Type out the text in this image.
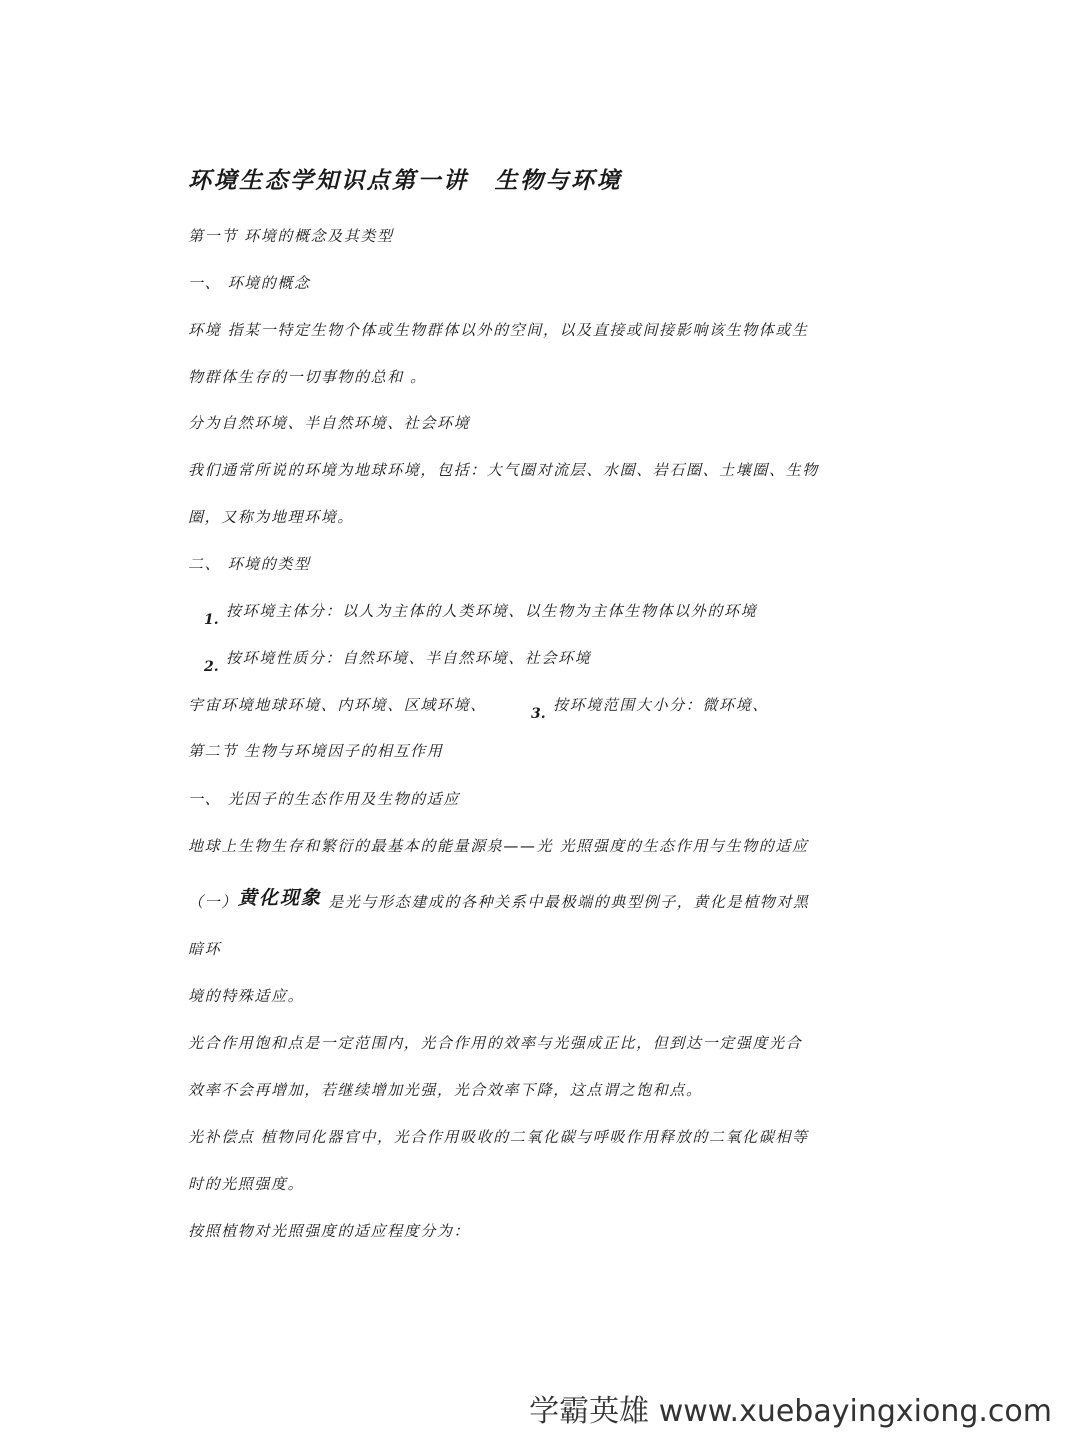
环境生态学知识点第一讲 生物与环境
第一节 环境的概念及其类型
一、 环境的概念
环境 指某一特定生物个体或生物群体以外的空间，以及直接或间接影响该生物体或生
物群体生存的一切事物的总和 。
分为自然环境、半自然环境、社会环境
我们通常所说的环境为地球环境，包括：大气圈对流层、水圈、岩石圈、土壤圈、生物
圈，又称为地理环境。
二、 环境的类型
1. 按环境主体分：以人为主体的人类环境、以生物为主体生物体以外的环境
2. 按环境性质分：自然环境、半自然环境、社会环境
宇宙环境地球环境、内环境、区域环境、	3. 按环境范围大小分：微环境、
第二节 生物与环境因子的相互作用
一、 光因子的生态作用及生物的适应
地球上生物生存和繁衍的最基本的能量源泉——光 光照强度的生态作用与生物的适应
（一）黄化现象 是光与形态建成的各种关系中最极端的典型例子，黄化是植物对黑
暗环
境的特殊适应。
光合作用饱和点是一定范围内，光合作用的效率与光强成正比，但到达一定强度光合
效率不会再增加，若继续增加光强，光合效率下降，这点谓之饱和点。
光补偿点 植物同化器官中，光合作用吸收的二氧化碳与呼吸作用释放的二氧化碳相等
时的光照强度。
按照植物对光照强度的适应程度分为：
学霸英雄 www.xuebayingxiong.com
